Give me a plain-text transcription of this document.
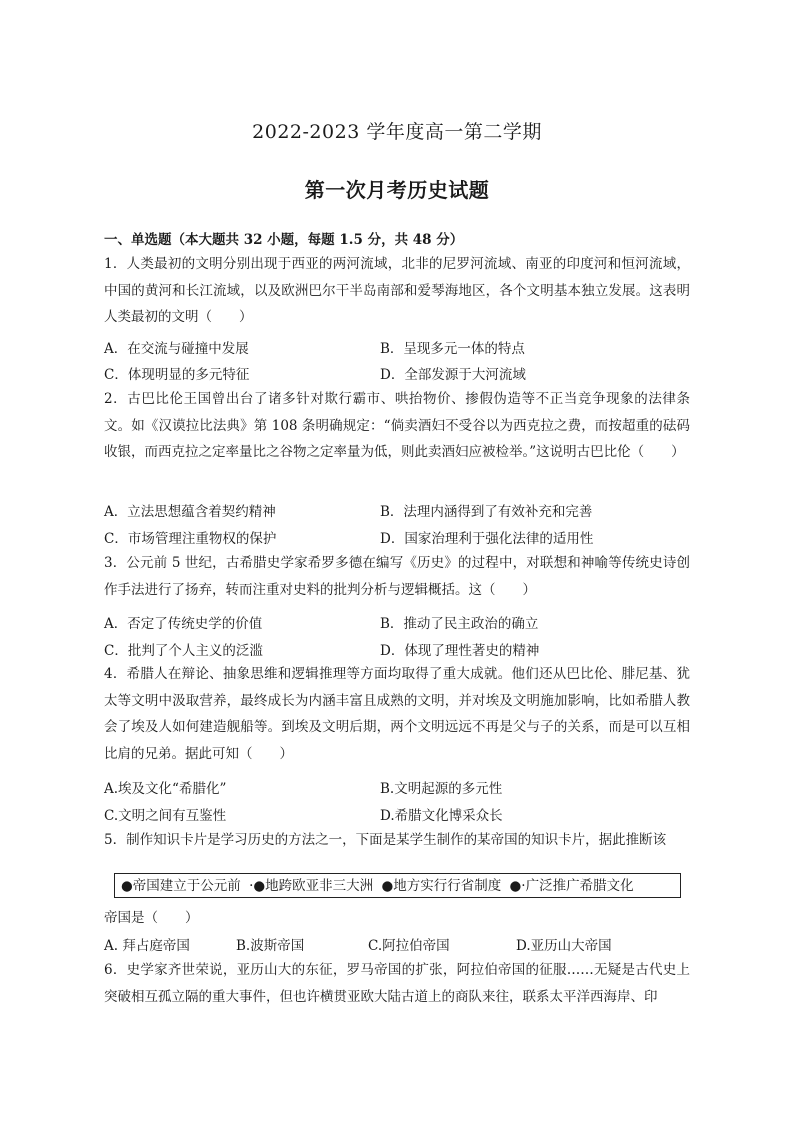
2022-2023 学年度高一第二学期
第一次月考历史试题
一、单选题（本大题共 32 小题，每题 1.5 分，共 48 分）
1．人类最初的文明分别出现于西亚的两河流域，北非的尼罗河流域、南亚的印度河和恒河流域，中国的黄河和长江流域，以及欧洲巴尔干半岛南部和爱琴海地区，各个文明基本独立发展。这表明人类最初的文明（　　）
A．在交流与碰撞中发展	B．呈现多元一体的特点
C．体现明显的多元特征	D．全部发源于大河流域
2．古巴比伦王国曾出台了诸多针对欺行霸市、哄抬物价、掺假伪造等不正当竞争现象的法律条文。如《汉谟拉比法典》第 108 条明确规定：“倘卖酒妇不受谷以为西克拉之费，而按超重的砝码收银，而西克拉之定率量比之谷物之定率量为低，则此卖酒妇应被检举。”这说明古巴比伦（　　）
A．立法思想蕴含着契约精神	B．法理内涵得到了有效补充和完善
C．市场管理注重物权的保护	D．国家治理利于强化法律的适用性
3．公元前 5 世纪，古希腊史学家希罗多德在编写《历史》的过程中，对联想和神喻等传统史诗创作手法进行了扬弃，转而注重对史料的批判分析与逻辑概括。这（　　）
A．否定了传统史学的价值	B．推动了民主政治的确立
C．批判了个人主义的泛滥	D．体现了理性著史的精神
4．希腊人在辩论、抽象思维和逻辑推理等方面均取得了重大成就。他们还从巴比伦、腓尼基、犹太等文明中汲取营养，最终成长为内涵丰富且成熟的文明，并对埃及文明施加影响，比如希腊人教会了埃及人如何建造舰船等。到埃及文明后期，两个文明远远不再是父与子的关系，而是可以互相比肩的兄弟。据此可知（　　）
A.埃及文化“希腊化”	B.文明起源的多元性
C.文明之间有互鉴性	D.希腊文化博采众长
5．制作知识卡片是学习历史的方法之一，下面是某学生制作的某帝国的知识卡片，据此推断该
●帝国建立于公元前 ·●地跨欧亚非三大洲 ●地方实行行省制度 ●·广泛推广希腊文化
帝国是（　　）
A. 拜占庭帝国	B.波斯帝国	C.阿拉伯帝国	D.亚历山大帝国
6．史学家齐世荣说，亚历山大的东征，罗马帝国的扩张，阿拉伯帝国的征服……无疑是古代史上突破相互孤立隔的重大事件，但也许横贯亚欧大陆古道上的商队来往，联系太平洋西海岸、印
